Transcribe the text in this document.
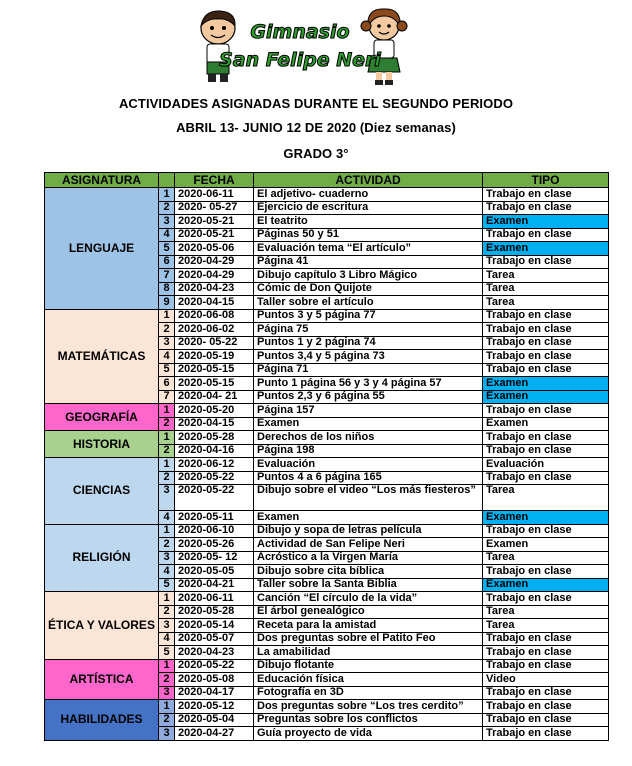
Gimnasio
San Felipe Neri
ACTIVIDADES ASIGNADAS DURANTE EL SEGUNDO PERIODO
ABRIL 13- JUNIO 12 DE 2020 (Diez semanas)
GRADO 3°
ASIGNATURA		FECHA	ACTIVIDAD	TIPO
LENGUAJE	1	2020-06-11	El adjetivo- cuaderno	Trabajo en clase
	2	2020- 05-27	Ejercicio de escritura	Trabajo en clase
	3	2020-05-21	El teatrito	Examen
	4	2020-05-21	Páginas 50 y 51	Trabajo en clase
	5	2020-05-06	Evaluación tema “El artículo”	Examen
	6	2020-04-29	Página 41	Trabajo en clase
	7	2020-04-29	Dibujo capítulo 3 Libro Mágico	Tarea
	8	2020-04-23	Cómic de Don Quijote	Tarea
	9	2020-04-15	Taller sobre el artículo	Tarea
MATEMÁTICAS	1	2020-06-08	Puntos 3 y 5 página 77	Trabajo en clase
	2	2020-06-02	Página 75	Trabajo en clase
	3	2020- 05-22	Puntos 1 y 2 página 74	Trabajo en clase
	4	2020-05-19	Puntos 3,4 y 5 página 73	Trabajo en clase
	5	2020-05-15	Página 71	Trabajo en clase
	6	2020-05-15	Punto 1 página 56 y 3 y 4 página 57	Examen
	7	2020-04- 21	Puntos 2,3 y 6 página 55	Examen
GEOGRAFÍA	1	2020-05-20	Página 157	Trabajo en clase
	2	2020-04-15	Examen	Examen
HISTORIA	1	2020-05-28	Derechos de los niños	Trabajo en clase
	2	2020-04-16	Página 198	Trabajo en clase
CIENCIAS	1	2020-06-12	Evaluación	Evaluación
	2	2020-05-22	Puntos 4 a 6 página 165	Trabajo en clase
	3	2020-05-22	Dibujo sobre el video “Los más fiesteros”	Tarea
	4	2020-05-11	Examen	Examen
RELIGIÓN	1	2020-06-10	Dibujo y sopa de letras película	Trabajo en clase
	2	2020-05-26	Actividad de San Felipe Neri	Examen
	3	2020-05- 12	Acróstico a la Virgen María	Tarea
	4	2020-05-05	Dibujo sobre cita bíblica	Trabajo en clase
	5	2020-04-21	Taller sobre la Santa Biblia	Examen
ÉTICA Y VALORES	1	2020-06-11	Canción “El círculo de la vida”	Trabajo en clase
	2	2020-05-28	El árbol genealógico	Tarea
	3	2020-05-14	Receta para la amistad	Tarea
	4	2020-05-07	Dos preguntas sobre el Patito Feo	Trabajo en clase
	5	2020-04-23	La amabilidad	Trabajo en clase
ARTÍSTICA	1	2020-05-22	Dibujo flotante	Trabajo en clase
	2	2020-05-08	Educación física	Video
	3	2020-04-17	Fotografía en 3D	Trabajo en clase
HABILIDADES	1	2020-05-12	Dos preguntas sobre “Los tres cerdito”	Trabajo en clase
	2	2020-05-04	Preguntas sobre los conflictos	Trabajo en clase
	3	2020-04-27	Guía proyecto de vida	Trabajo en clase
